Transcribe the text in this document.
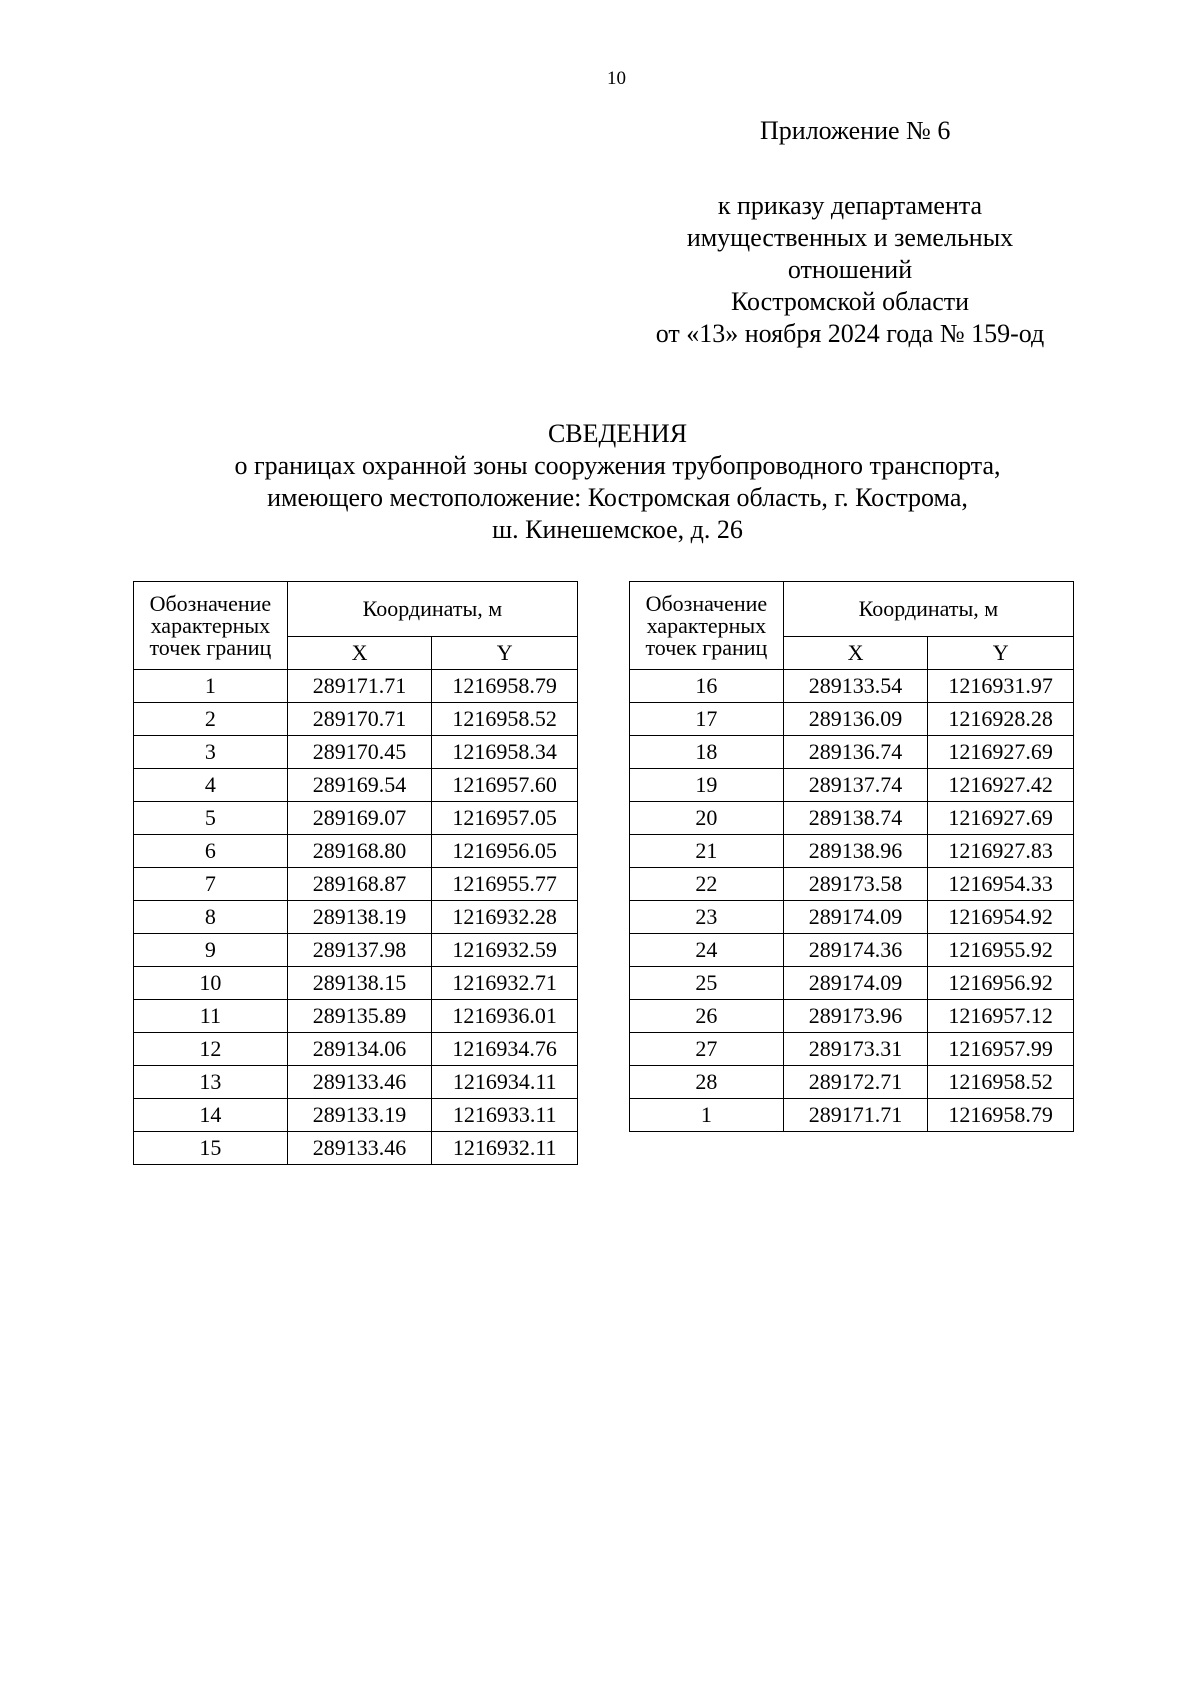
10
Приложение № 6
к приказу департамента
имущественных и земельных
отношений
Костромской области
от «13» ноября 2024 года № 159-од
СВЕДЕНИЯ
о границах охранной зоны сооружения трубопроводного транспорта,
имеющего местоположение: Костромская область, г. Кострома,
ш. Кинешемское, д. 26
Обозначение
характерных
точек границ	Координаты, м	
	X	Y
1	289171.71	1216958.79
2	289170.71	1216958.52
3	289170.45	1216958.34
4	289169.54	1216957.60
5	289169.07	1216957.05
6	289168.80	1216956.05
7	289168.87	1216955.77
8	289138.19	1216932.28
9	289137.98	1216932.59
10	289138.15	1216932.71
11	289135.89	1216936.01
12	289134.06	1216934.76
13	289133.46	1216934.11
14	289133.19	1216933.11
15	289133.46	1216932.11
Обозначение
характерных
точек границ	Координаты, м	
	X	Y
16	289133.54	1216931.97
17	289136.09	1216928.28
18	289136.74	1216927.69
19	289137.74	1216927.42
20	289138.74	1216927.69
21	289138.96	1216927.83
22	289173.58	1216954.33
23	289174.09	1216954.92
24	289174.36	1216955.92
25	289174.09	1216956.92
26	289173.96	1216957.12
27	289173.31	1216957.99
28	289172.71	1216958.52
1	289171.71	1216958.79
